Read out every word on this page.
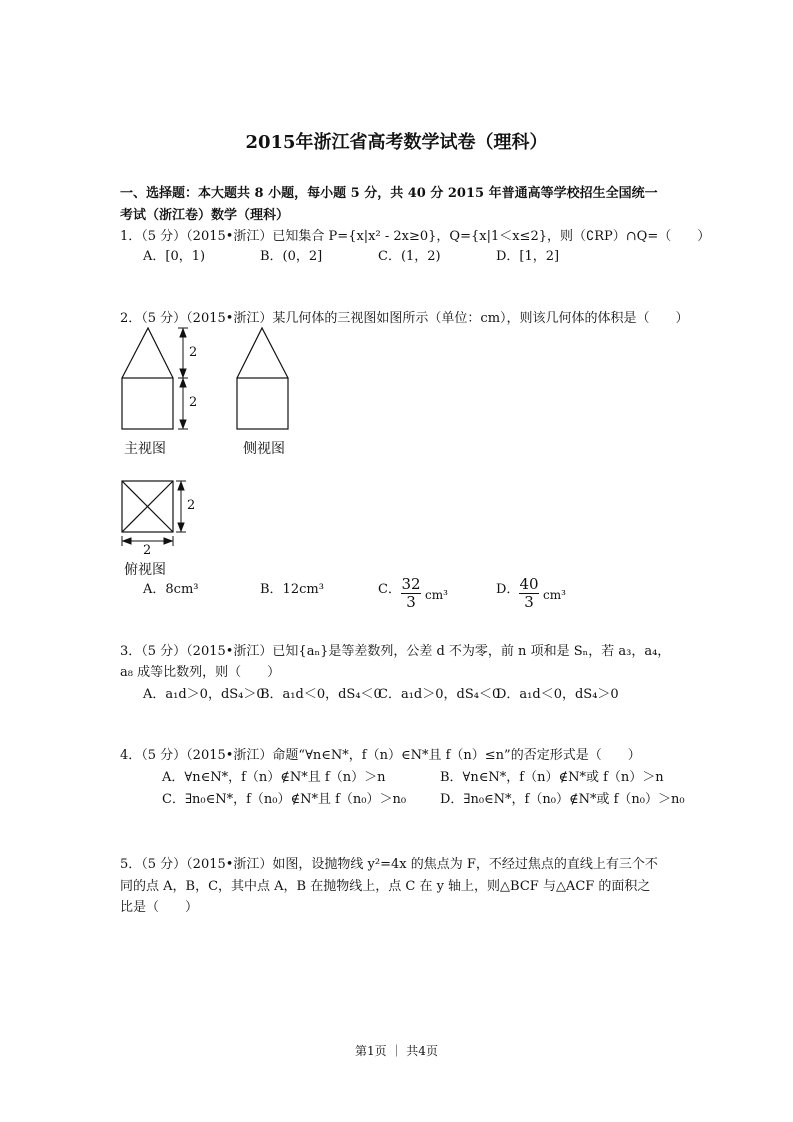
2015年浙江省高考数学试卷（理科）
一、选择题：本大题共 8 小题，每小题 5 分，共 40 分 2015 年普通高等学校招生全国统一
考试（浙江卷）数学（理科）
1．（5 分）（2015•浙江）已知集合 P={x|x² - 2x≥0}，Q={x|1＜x≤2}，则（∁RP）∩Q=（　　）
A．[0，1)	B．(0，2]	C．(1，2)	D．[1，2]
2．（5 分）（2015•浙江）某几何体的三视图如图所示（单位：cm），则该几何体的体积是（　　）
2
2
主视图	侧视图
2
2
俯视图
A．8cm³	B．12cm³	C． 32
3 cm³	D． 40
3 cm³
3．（5 分）（2015•浙江）已知{aₙ}是等差数列，公差 d 不为零，前 n 项和是 Sₙ，若 a₃，a₄，
a₈ 成等比数列，则（　　）
A．a₁d＞0，dS₄＞0
B．a₁d＜0，dS₄＜0
C．a₁d＞0，dS₄＜0
D．a₁d＜0，dS₄＞0
4．（5 分）（2015•浙江）命题“∀n∈N*，f（n）∈N*且 f（n）≤n”的否定形式是（　　）
A．∀n∈N*，f（n）∉N*且 f（n）＞n	B．∀n∈N*，f（n）∉N*或 f（n）＞n
C．∃n₀∈N*，f（n₀）∉N*且 f（n₀）＞n₀	D．∃n₀∈N*，f（n₀）∉N*或 f（n₀）＞n₀
5．（5 分）（2015•浙江）如图，设抛物线 y²=4x 的焦点为 F，不经过焦点的直线上有三个不
同的点 A，B，C，其中点 A，B 在抛物线上，点 C 在 y 轴上，则△BCF 与△ACF 的面积之
比是（　　）
第1页 ｜ 共4页
